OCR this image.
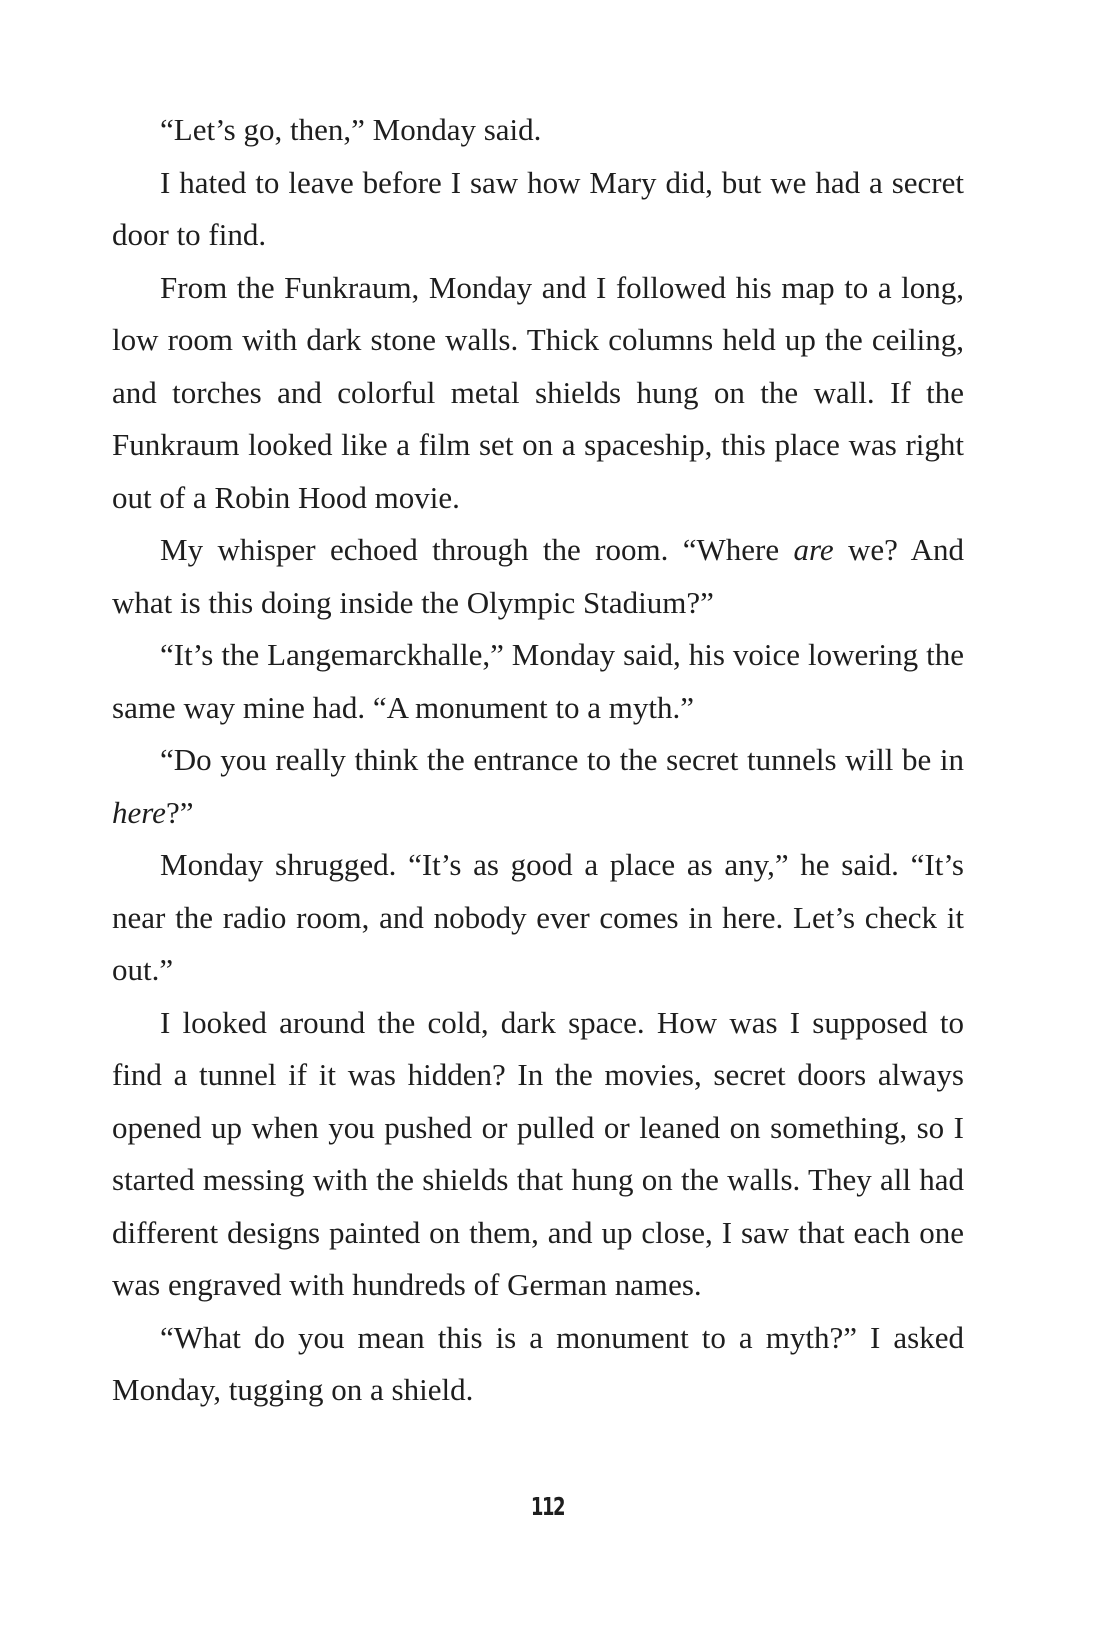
“Let’s go, then,” Monday said.

I hated to leave before I saw how Mary did, but we had a secret door to find.

From the Funkraum, Monday and I followed his map to a long, low room with dark stone walls. Thick columns held up the ceiling, and torches and colorful metal shields hung on the wall. If the Funkraum looked like a film set on a spaceship, this place was right out of a Robin Hood movie.

My whisper echoed through the room. “Where are we? And what is this doing inside the Olympic Stadium?”

“It’s the Langemarckhalle,” Monday said, his voice lowering the same way mine had. “A monument to a myth.”

“Do you really think the entrance to the secret tunnels will be in here?”

Monday shrugged. “It’s as good a place as any,” he said. “It’s near the radio room, and nobody ever comes in here. Let’s check it out.”

I looked around the cold, dark space. How was I supposed to find a tunnel if it was hidden? In the movies, secret doors always opened up when you pushed or pulled or leaned on something, so I started messing with the shields that hung on the walls. They all had different designs painted on them, and up close, I saw that each one was engraved with hundreds of German names.

“What do you mean this is a monument to a myth?” I asked Monday, tugging on a shield.

112
